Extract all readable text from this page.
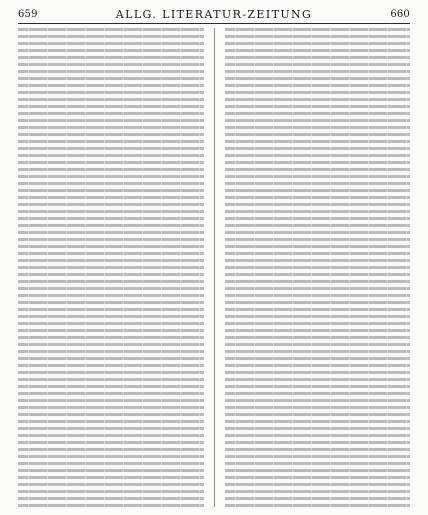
659	ALLG. LITERATUR-ZEITUNG	660
